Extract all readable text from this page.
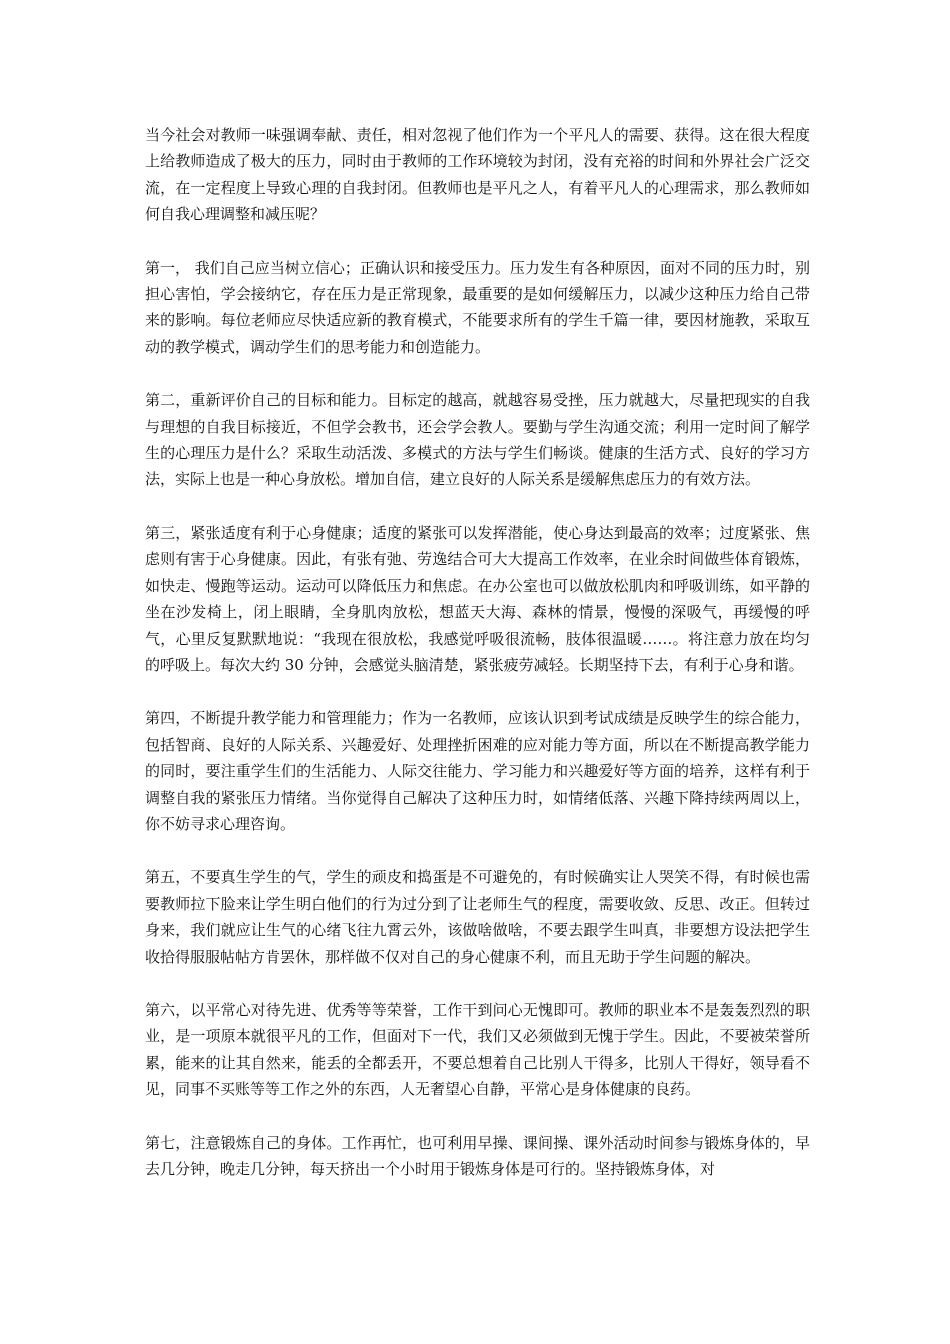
当今社会对教师一味强调奉献、责任，相对忽视了他们作为一个平凡人的需要、获得。这在很大程度上给教师造成了极大的压力，同时由于教师的工作环境较为封闭，没有充裕的时间和外界社会广泛交流，在一定程度上导致心理的自我封闭。但教师也是平凡之人，有着平凡人的心理需求，那么教师如何自我心理调整和减压呢？

第一， 我们自己应当树立信心；正确认识和接受压力。压力发生有各种原因，面对不同的压力时，别担心害怕，学会接纳它，存在压力是正常现象，最重要的是如何缓解压力，以减少这种压力给自己带来的影响。每位老师应尽快适应新的教育模式，不能要求所有的学生千篇一律，要因材施教，采取互动的教学模式，调动学生们的思考能力和创造能力。

第二，重新评价自己的目标和能力。目标定的越高，就越容易受挫，压力就越大，尽量把现实的自我与理想的自我目标接近，不但学会教书，还会学会教人。要勤与学生沟通交流；利用一定时间了解学生的心理压力是什么？采取生动活泼、多模式的方法与学生们畅谈。健康的生活方式、良好的学习方法，实际上也是一种心身放松。增加自信，建立良好的人际关系是缓解焦虑压力的有效方法。

第三，紧张适度有利于心身健康；适度的紧张可以发挥潜能，使心身达到最高的效率；过度紧张、焦虑则有害于心身健康。因此，有张有弛、劳逸结合可大大提高工作效率，在业余时间做些体育锻炼，如快走、慢跑等运动。运动可以降低压力和焦虑。在办公室也可以做放松肌肉和呼吸训练，如平静的坐在沙发椅上，闭上眼睛，全身肌肉放松，想蓝天大海、森林的情景，慢慢的深吸气，再缓慢的呼气，心里反复默默地说：“我现在很放松，我感觉呼吸很流畅，肢体很温暖……。将注意力放在均匀的呼吸上。每次大约 30 分钟，会感觉头脑清楚，紧张疲劳减轻。长期坚持下去，有利于心身和谐。

第四，不断提升教学能力和管理能力；作为一名教师，应该认识到考试成绩是反映学生的综合能力，包括智商、良好的人际关系、兴趣爱好、处理挫折困难的应对能力等方面，所以在不断提高教学能力的同时，要注重学生们的生活能力、人际交往能力、学习能力和兴趣爱好等方面的培养，这样有利于调整自我的紧张压力情绪。当你觉得自己解决了这种压力时，如情绪低落、兴趣下降持续两周以上，你不妨寻求心理咨询。

第五，不要真生学生的气，学生的顽皮和捣蛋是不可避免的，有时候确实让人哭笑不得，有时候也需要教师拉下脸来让学生明白他们的行为过分到了让老师生气的程度，需要收敛、反思、改正。但转过身来，我们就应让生气的心绪飞往九霄云外，该做啥做啥，不要去跟学生叫真，非要想方设法把学生收拾得服服帖帖方肯罢休，那样做不仅对自己的身心健康不利，而且无助于学生问题的解决。

第六，以平常心对待先进、优秀等等荣誉，工作干到问心无愧即可。教师的职业本不是轰轰烈烈的职业，是一项原本就很平凡的工作，但面对下一代，我们又必须做到无愧于学生。因此，不要被荣誉所累，能来的让其自然来，能丢的全都丢开，不要总想着自己比别人干得多，比别人干得好，领导看不见，同事不买账等等工作之外的东西，人无奢望心自静，平常心是身体健康的良药。

第七，注意锻炼自己的身体。工作再忙，也可利用早操、课间操、课外活动时间参与锻炼身体的，早去几分钟，晚走几分钟，每天挤出一个小时用于锻炼身体是可行的。坚持锻炼身体，对
